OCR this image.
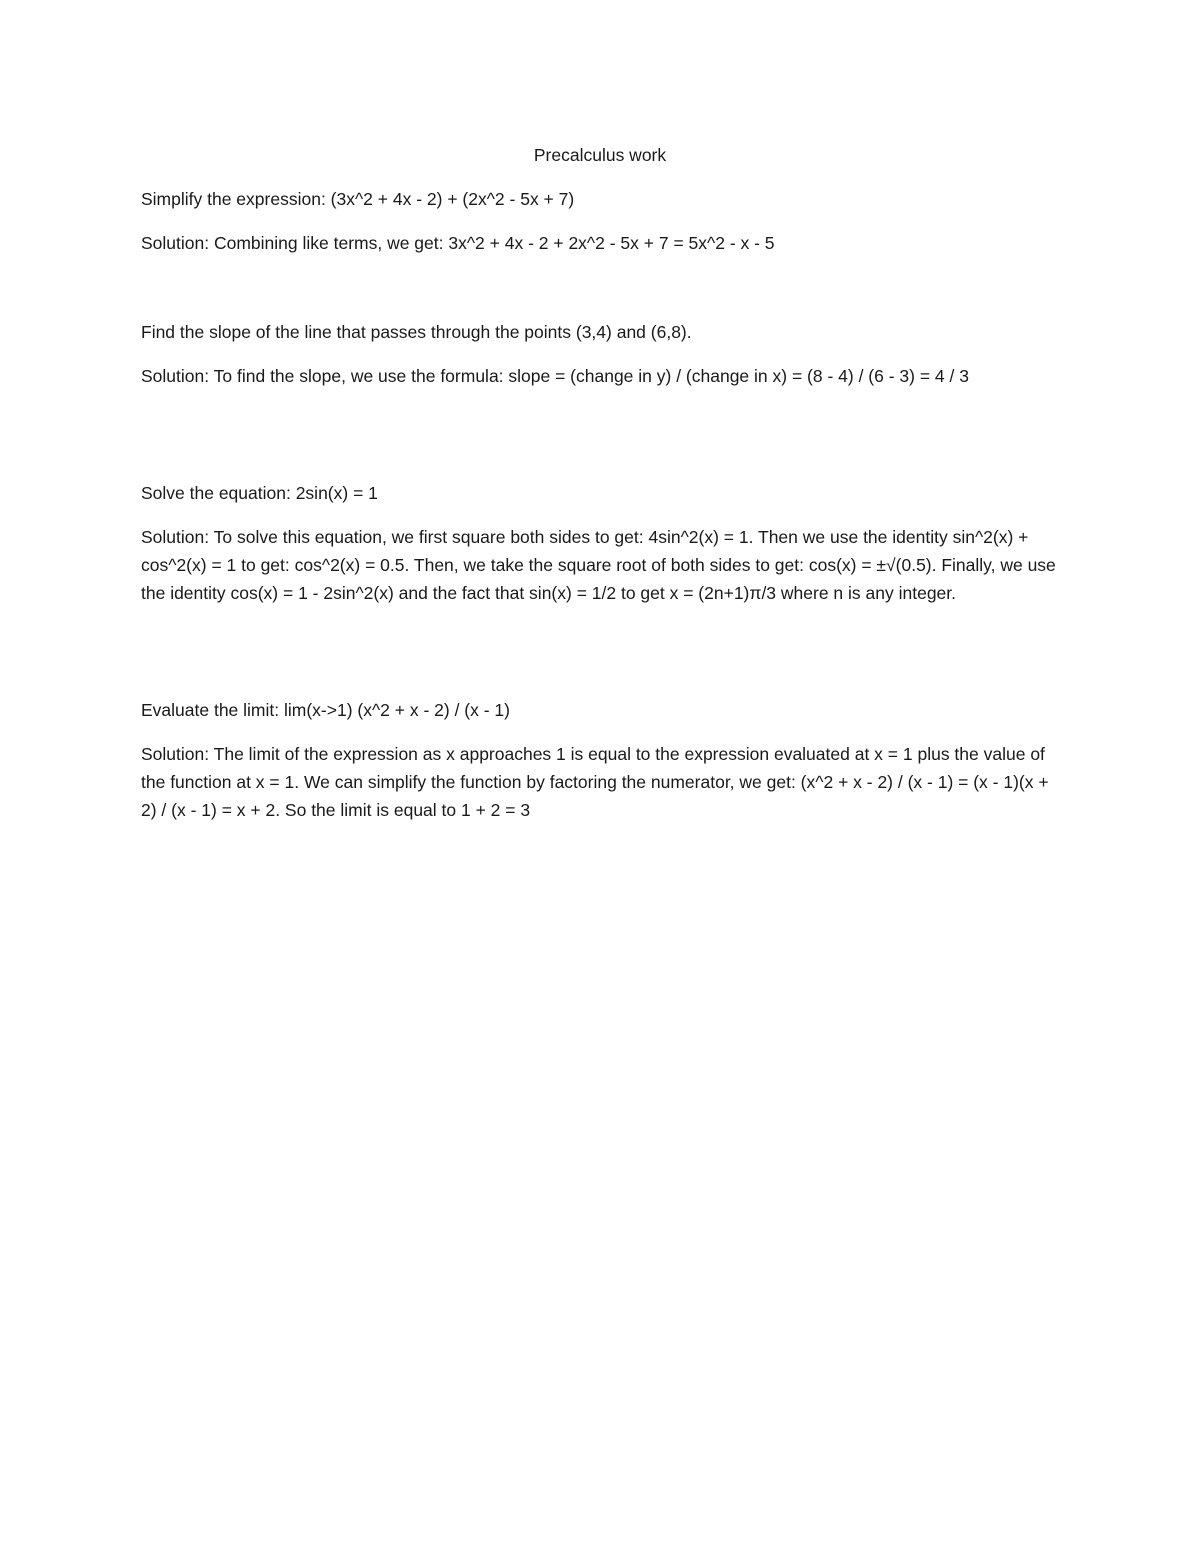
Precalculus work

Simplify the expression: (3x^2 + 4x - 2) + (2x^2 - 5x + 7)

Solution: Combining like terms, we get: 3x^2 + 4x - 2 + 2x^2 - 5x + 7 = 5x^2 - x - 5

Find the slope of the line that passes through the points (3,4) and (6,8).

Solution: To find the slope, we use the formula: slope = (change in y) / (change in x) = (8 - 4) / (6 - 3) = 4 / 3

Solve the equation: 2sin(x) = 1

Solution: To solve this equation, we first square both sides to get: 4sin^2(x) = 1. Then we use the identity sin^2(x) + cos^2(x) = 1 to get: cos^2(x) = 0.5. Then, we take the square root of both sides to get: cos(x) = ±√(0.5). Finally, we use the identity cos(x) = 1 - 2sin^2(x) and the fact that sin(x) = 1/2 to get x = (2n+1)π/3 where n is any integer.

Evaluate the limit: lim(x->1) (x^2 + x - 2) / (x - 1)

Solution: The limit of the expression as x approaches 1 is equal to the expression evaluated at x = 1 plus the value of the function at x = 1. We can simplify the function by factoring the numerator, we get: (x^2 + x - 2) / (x - 1) = (x - 1)(x + 2) / (x - 1) = x + 2. So the limit is equal to 1 + 2 = 3
